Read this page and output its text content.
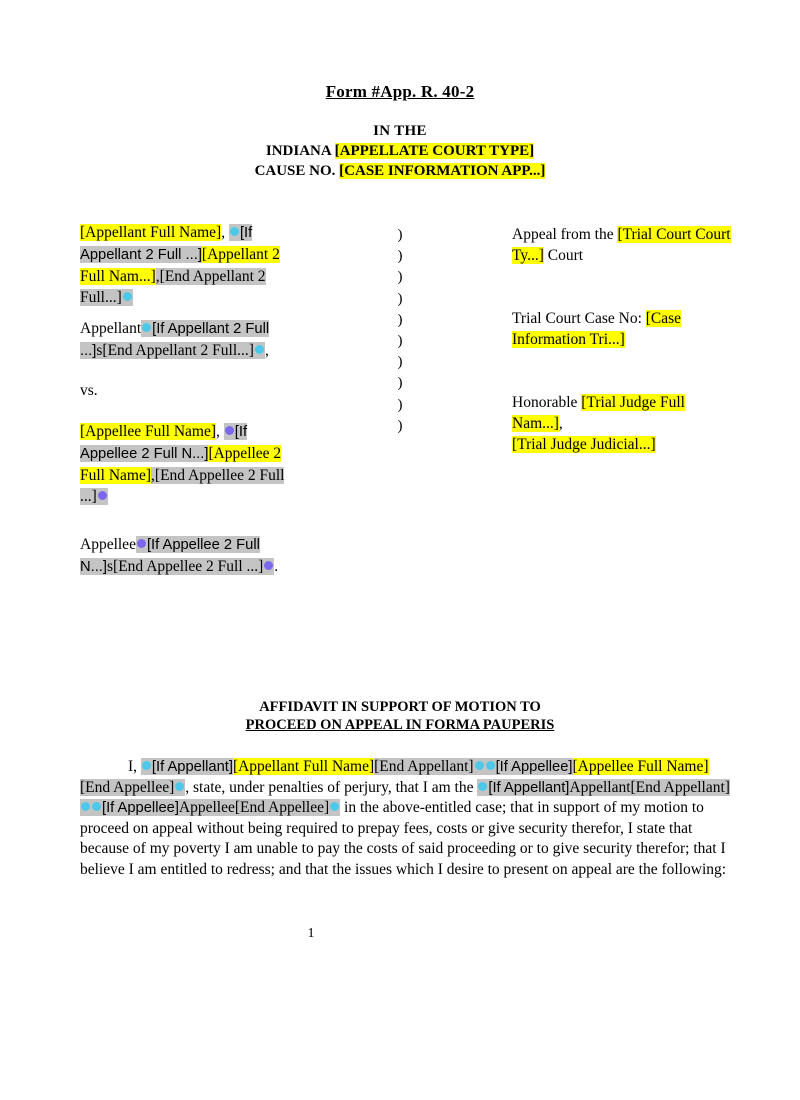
Form #App. R. 40-2
IN THE
INDIANA [APPELLATE COURT TYPE]
CAUSE NO. [CASE INFORMATION APP...]
[Appellant Full Name], [If Appellant 2 Full ...][Appellant 2 Full Nam...],[End Appellant 2 Full...]
Appellant [If Appellant 2 Full ...]s[End Appellant 2 Full...] ,
vs.
[Appellee Full Name], [If Appellee 2 Full N...][Appellee 2 Full Name],[End Appellee 2 Full ...]
Appellee [If Appellee 2 Full N...]s[End Appellee 2 Full ...] .
)
)
)
)
)
)
)
)
)
)
Appeal from the [Trial Court Court Ty...] Court
Trial Court Case No: [Case Information Tri...]
Honorable [Trial Judge Full Nam...],
[Trial Judge Judicial...]
AFFIDAVIT IN SUPPORT OF MOTION TO
PROCEED ON APPEAL IN FORMA PAUPERIS
I, [If Appellant][Appellant Full Name][End Appellant] [If Appellee][Appellee Full Name][End Appellee] , state, under penalties of perjury, that I am the [If Appellant]Appellant[End Appellant][If Appellee]Appellee[End Appellee] in the above-entitled case; that in support of my motion to proceed on appeal without being required to prepay fees, costs or give security therefor, I state that because of my poverty I am unable to pay the costs of said proceeding or to give security therefor; that I believe I am entitled to redress; and that the issues which I desire to present on appeal are the following:
1
